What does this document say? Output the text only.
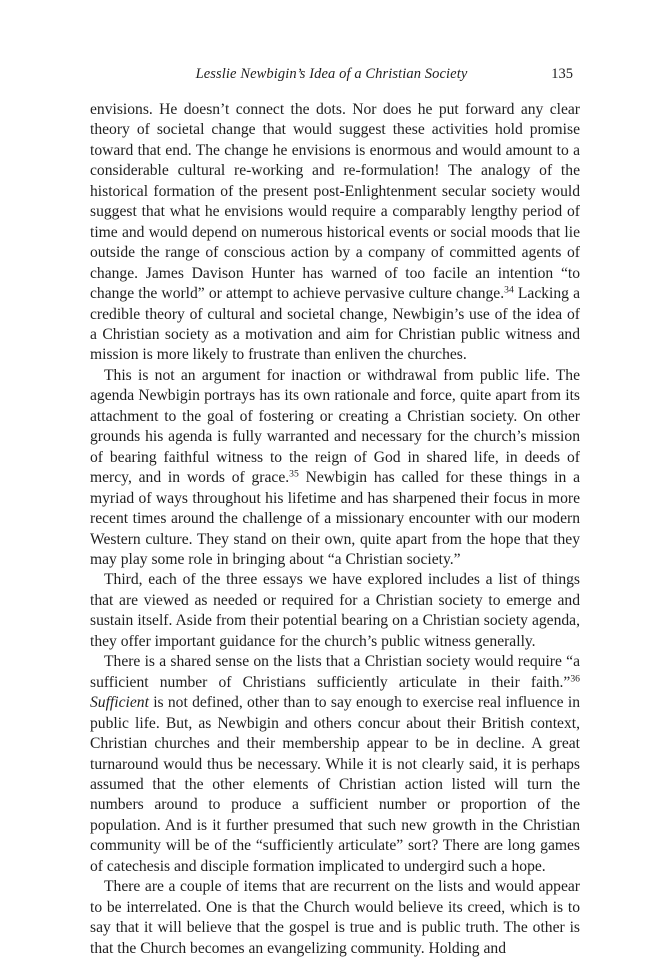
Lesslie Newbigin’s Idea of a Christian Society	135

envisions. He doesn’t connect the dots. Nor does he put forward any clear theory of societal change that would suggest these activities hold promise toward that end. The change he envisions is enormous and would amount to a considerable cultural re-working and re-formulation! The analogy of the historical formation of the present post-Enlightenment secular society would suggest that what he envisions would require a comparably lengthy period of time and would depend on numerous historical events or social moods that lie outside the range of conscious action by a company of committed agents of change. James Davison Hunter has warned of too facile an intention “to change the world” or attempt to achieve pervasive culture change.$^{34}$ Lacking a credible theory of cultural and societal change, Newbigin’s use of the idea of a Christian society as a motivation and aim for Christian public witness and mission is more likely to frustrate than enliven the churches.

This is not an argument for inaction or withdrawal from public life. The agenda Newbigin portrays has its own rationale and force, quite apart from its attachment to the goal of fostering or creating a Christian society. On other grounds his agenda is fully warranted and necessary for the church’s mission of bearing faithful witness to the reign of God in shared life, in deeds of mercy, and in words of grace.$^{35}$ Newbigin has called for these things in a myriad of ways throughout his lifetime and has sharpened their focus in more recent times around the challenge of a missionary encounter with our modern Western culture. They stand on their own, quite apart from the hope that they may play some role in bringing about “a Christian society.”

Third, each of the three essays we have explored includes a list of things that are viewed as needed or required for a Christian society to emerge and sustain itself. Aside from their potential bearing on a Christian society agenda, they offer important guidance for the church’s public witness generally.

There is a shared sense on the lists that a Christian society would require “a sufficient number of Christians sufficiently articulate in their faith.”$^{36}$ Sufficient is not defined, other than to say enough to exercise real influence in public life. But, as Newbigin and others concur about their British context, Christian churches and their membership appear to be in decline. A great turnaround would thus be necessary. While it is not clearly said, it is perhaps assumed that the other elements of Christian action listed will turn the numbers around to produce a sufficient number or proportion of the population. And is it further presumed that such new growth in the Christian community will be of the “sufficiently articulate” sort? There are long games of catechesis and disciple formation implicated to undergird such a hope.

There are a couple of items that are recurrent on the lists and would appear to be interrelated. One is that the Church would believe its creed, which is to say that it will believe that the gospel is true and is public truth. The other is that the Church becomes an evangelizing community. Holding and
